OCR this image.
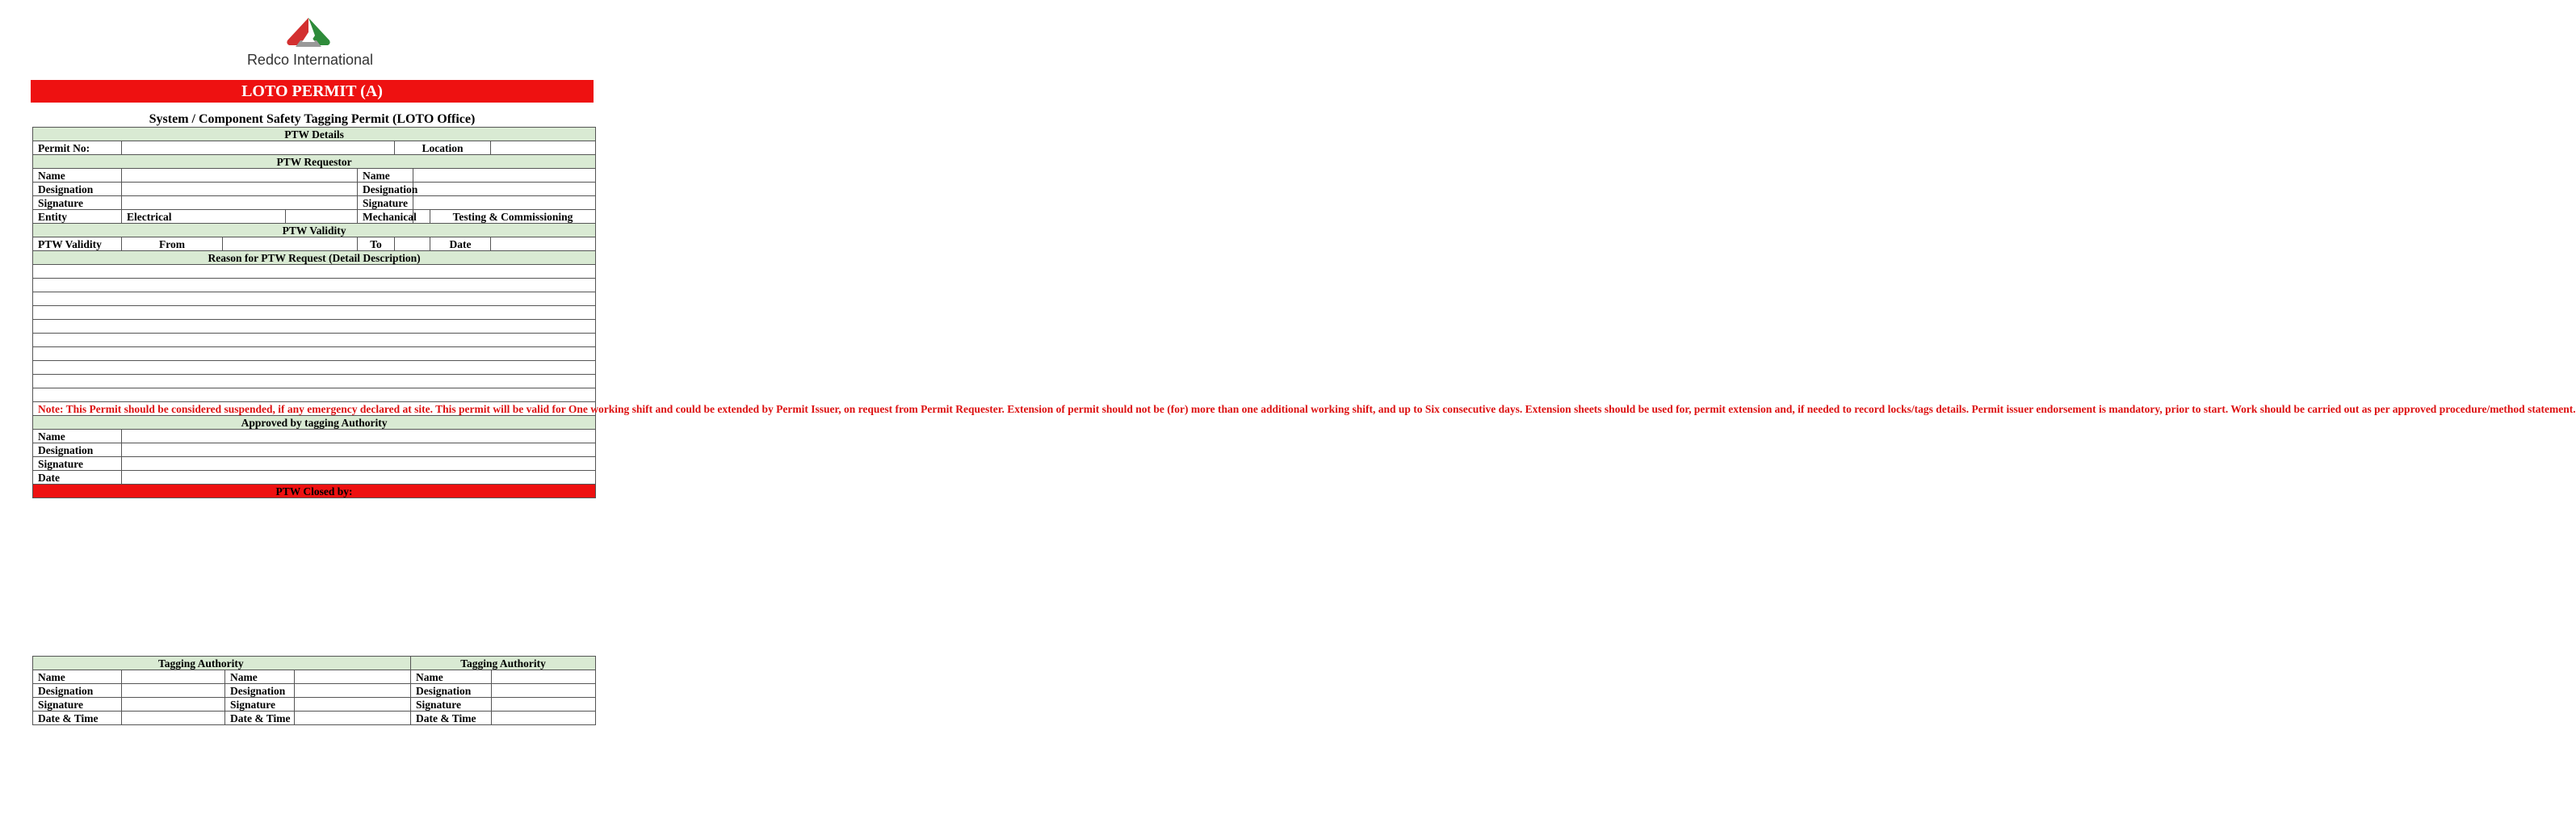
Redco International
LOTO PERMIT (A)
System / Component Safety Tagging Permit (LOTO Office)
PTW Details								
Permit No:					Location			
PTW Requestor								
Name				Name				
Designation				Designation				
Signature				Signature				
Entity	Electrical			Mechanical			Testing & Commissioning	
PTW Validity								
PTW Validity	From			To			Date	
Reason for PTW Request (Detail Description)								

Note: This Permit should be considered suspended, if any emergency declared at site. This permit will be valid for One working shift and could be extended by Permit Issuer, on request from Permit Requester. Extension of permit should not be (for) more than one additional working shift, and up to Six consecutive days. Extension sheets should be used for, permit extension and, if needed to record locks/tags details. Permit issuer endorsement is mandatory, prior to start. Work should be carried out as per approved procedure/method statement.								
Approved by tagging Authority								
Name								
Designation								
Signature								
Date								
PTW Closed by:								
Tagging Authority				Tagging Authority	
Name		Name		Name	
Designation		Designation		Designation	
Signature		Signature		Signature	
Date & Time		Date & Time		Date & Time	
